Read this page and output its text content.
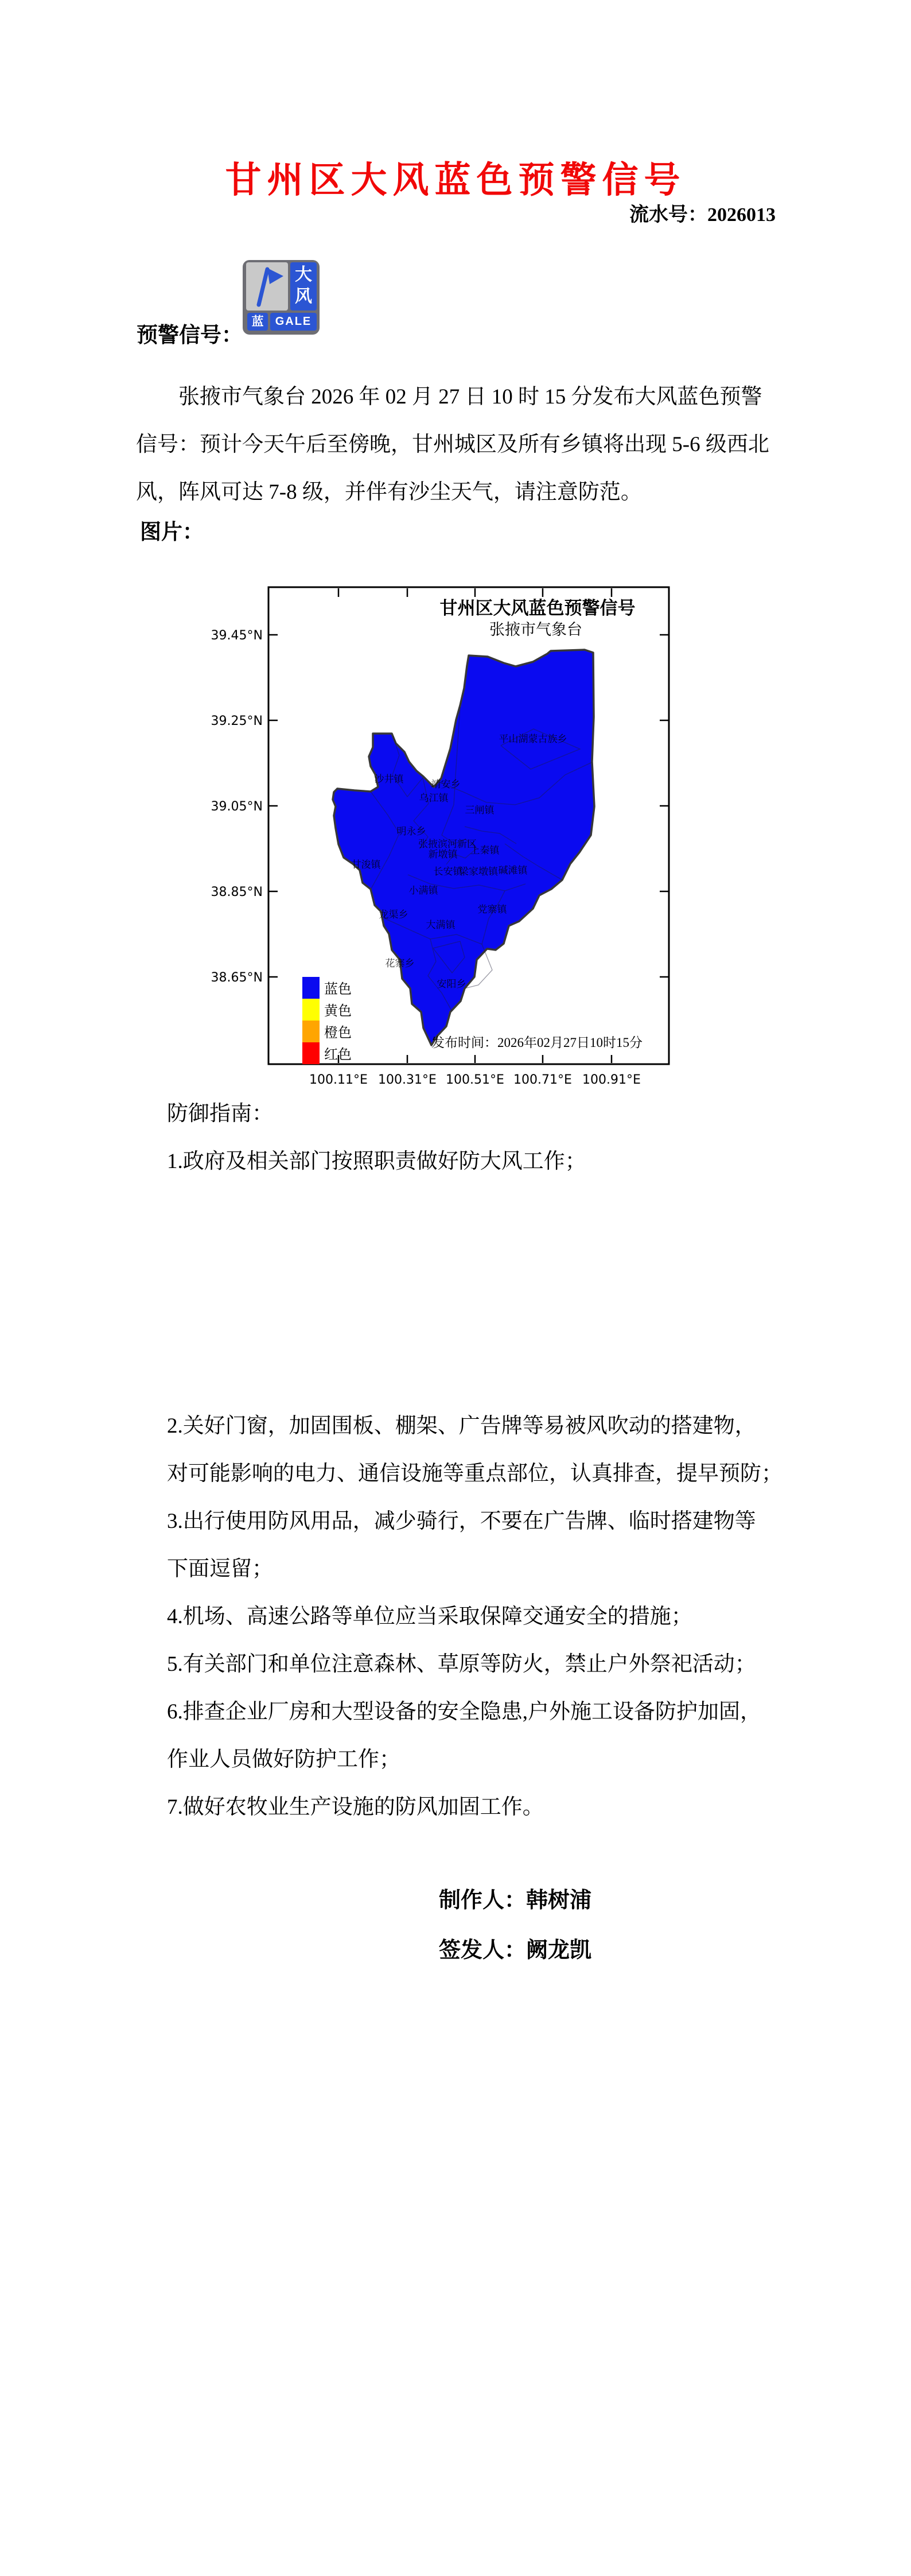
甘州区大风蓝色预警信号
流水号：2026013
预警信号：
大
风
蓝	GALE
张掖市气象台 2026 年 02 月 27 日 10 时 15 分发布大风蓝色预警
信号：预计今天午后至傍晚，甘州城区及所有乡镇将出现 5-6 级西北
风，阵风可达 7-8 级，并伴有沙尘天气，请注意防范。
图片：
100.11°E 100.31°E 100.51°E 100.71°E 100.91°E
39.45°N
39.25°N
39.05°N
38.85°N
38.65°N
平山湖蒙古族乡
沙井镇	靖安乡
乌江镇
三闸镇
明永乡
张掖滨河新区
新墩镇 上秦镇
甘浚镇
长安镇
梁家墩镇 碱滩镇
小满镇
党寨镇
龙渠乡
大满镇
花寨乡
安阳乡
蓝色
黄色
橙色
红色
甘州区大风蓝色预警信号
张掖市气象台
发布时间：2026年02月27日10时15分
防御指南：
1.政府及相关部门按照职责做好防大风工作；
2.关好门窗，加固围板、棚架、广告牌等易被风吹动的搭建物，
对可能影响的电力、通信设施等重点部位，认真排查，提早预防；
3.出行使用防风用品，减少骑行，不要在广告牌、临时搭建物等
下面逗留；
4.机场、高速公路等单位应当采取保障交通安全的措施；
5.有关部门和单位注意森林、草原等防火，禁止户外祭祀活动；
6.排查企业厂房和大型设备的安全隐患,户外施工设备防护加固，
作业人员做好防护工作；
7.做好农牧业生产设施的防风加固工作。
制作人：韩树浦
签发人：阙龙凯
